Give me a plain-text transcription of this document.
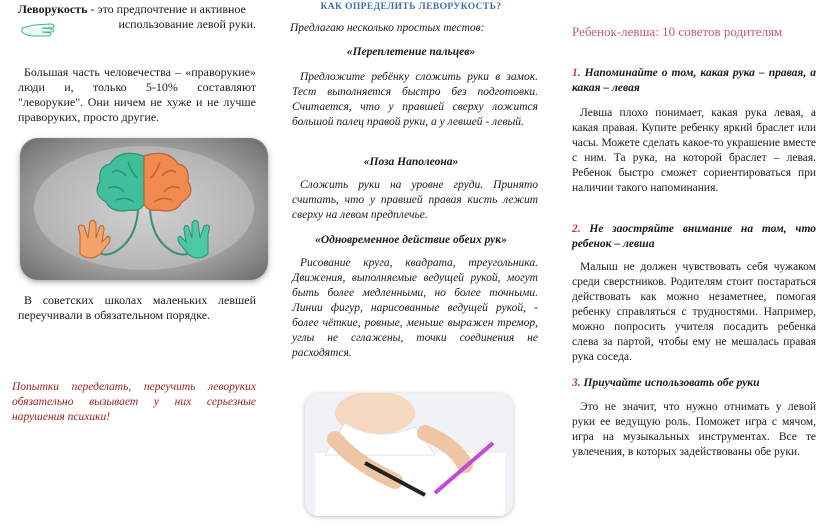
Леворукость - это предпочтение и активное
использование левой руки.
Большая часть человечества – «праворукие» люди и, только 5-10% составляют "леворукие". Они ничем не хуже и не лучше праворуких, просто другие.
В советских школах маленьких левшей переучивали в обязательном порядке.
Попытки переделать, переучить леворуких обязательно вызывает у них серьезные нарушения психики!
КАК ОПРЕДЕЛИТЬ ЛЕВОРУКОСТЬ?
Предлагаю несколько простых тестов:
«Переплетение пальцев»
Предложите ребёнку сложить руки в замок. Тест выполняется быстро без подготовки. Считается, что у правшей сверху ложится большой палец правой руки, а у левшей - левый.
«Поза Наполеона»
Сложить руки на уровне груди. Принято считать, что у правшей правая кисть лежит сверху на левом предплечье.
«Одновременное действие обеих рук»
Рисование круга, квадрата, треугольника. Движения, выполняемые ведущей рукой, могут быть более медленными, но более точными. Линии фигур, нарисованные ведущей рукой, - более чёткие, ровные, меньше выражен тремор, углы не сглажены, точки соединения не расходятся.
Ребенок-левша: 10 советов родителям
1. Напоминайте о том, какая рука – правая, а какая – левая
Левша плохо понимает, какая рука левая, а какая правая. Купите ребенку яркий браслет или часы. Можете сделать какое-то украшение вместе с ним. Та рука, на которой браслет – левая. Ребенок быстро сможет сориентироваться при наличии такого напоминания.
2. Не заостряйте внимание на том, что ребенок – левша
Малыш не должен чувствовать себя чужаком среди сверстников. Родителям стоит постараться действовать как можно незаметнее, помогая ребенку справляться с трудностями. Например, можно попросить учителя посадить ребенка слева за партой, чтобы ему не мешалась правая рука соседа.
3. Приучайте использовать обе руки
Это не значит, что нужно отнимать у левой руки ее ведущую роль. Поможет игра с мячом, игра на музыкальных инструментах. Все те увлечения, в которых задействованы обе руки.
